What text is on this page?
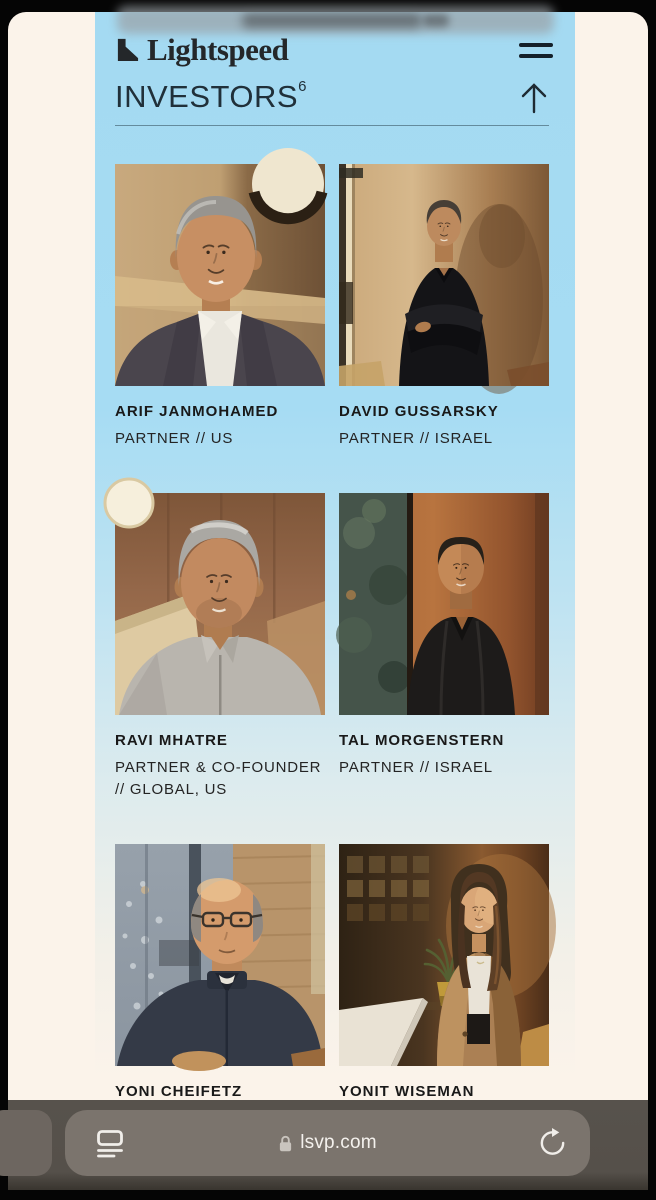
Lightspeed
INVESTORS$^6$
ARIF JANMOHAMED
PARTNER // US
DAVID GUSSARSKY
PARTNER // ISRAEL
RAVI MHATRE
PARTNER & CO-FOUNDER // GLOBAL, US
TAL MORGENSTERN
PARTNER // ISRAEL
YONI CHEIFETZ	YONIT WISEMAN
lsvp.com
